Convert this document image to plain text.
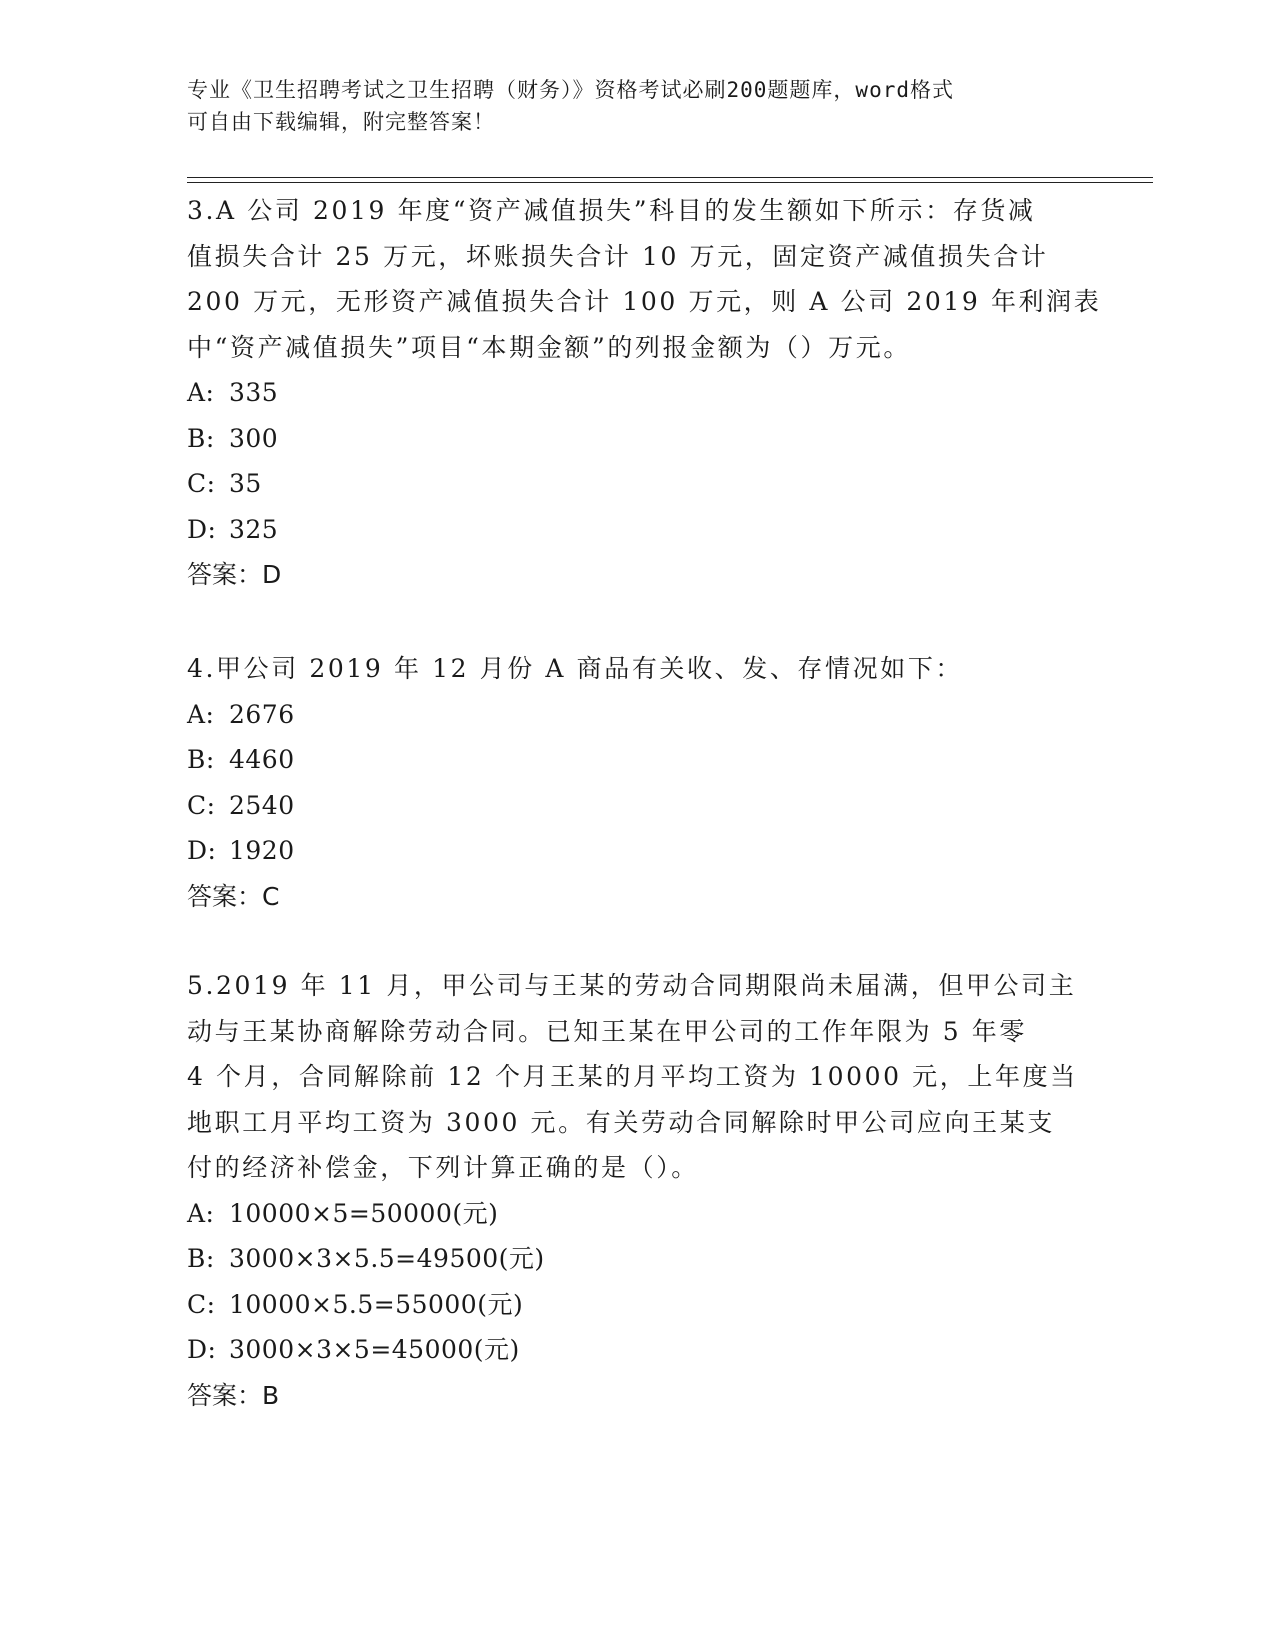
专业《卫生招聘考试之卫生招聘（财务）》资格考试必刷200题题库，word格式
可自由下载编辑，附完整答案！
3.A 公司 2019 年度“资产减值损失”科目的发生额如下所示：存货减
值损失合计 25 万元，坏账损失合计 10 万元，固定资产减值损失合计
200 万元，无形资产减值损失合计 100 万元，则 A 公司 2019 年利润表
中“资产减值损失”项目“本期金额”的列报金额为（）万元。
A: 335
B: 300
C: 35
D: 325
答案：D
4.甲公司 2019 年 12 月份 A 商品有关收、发、存情况如下：
A: 2676
B: 4460
C: 2540
D: 1920
答案：C
5.2019 年 11 月，甲公司与王某的劳动合同期限尚未届满，但甲公司主
动与王某协商解除劳动合同。已知王某在甲公司的工作年限为 5 年零
4 个月，合同解除前 12 个月王某的月平均工资为 10000 元，上年度当
地职工月平均工资为 3000 元。有关劳动合同解除时甲公司应向王某支
付的经济补偿金，下列计算正确的是（）。
A: 10000×5=50000(元)
B: 3000×3×5.5=49500(元)
C: 10000×5.5=55000(元)
D: 3000×3×5=45000(元)
答案：B
